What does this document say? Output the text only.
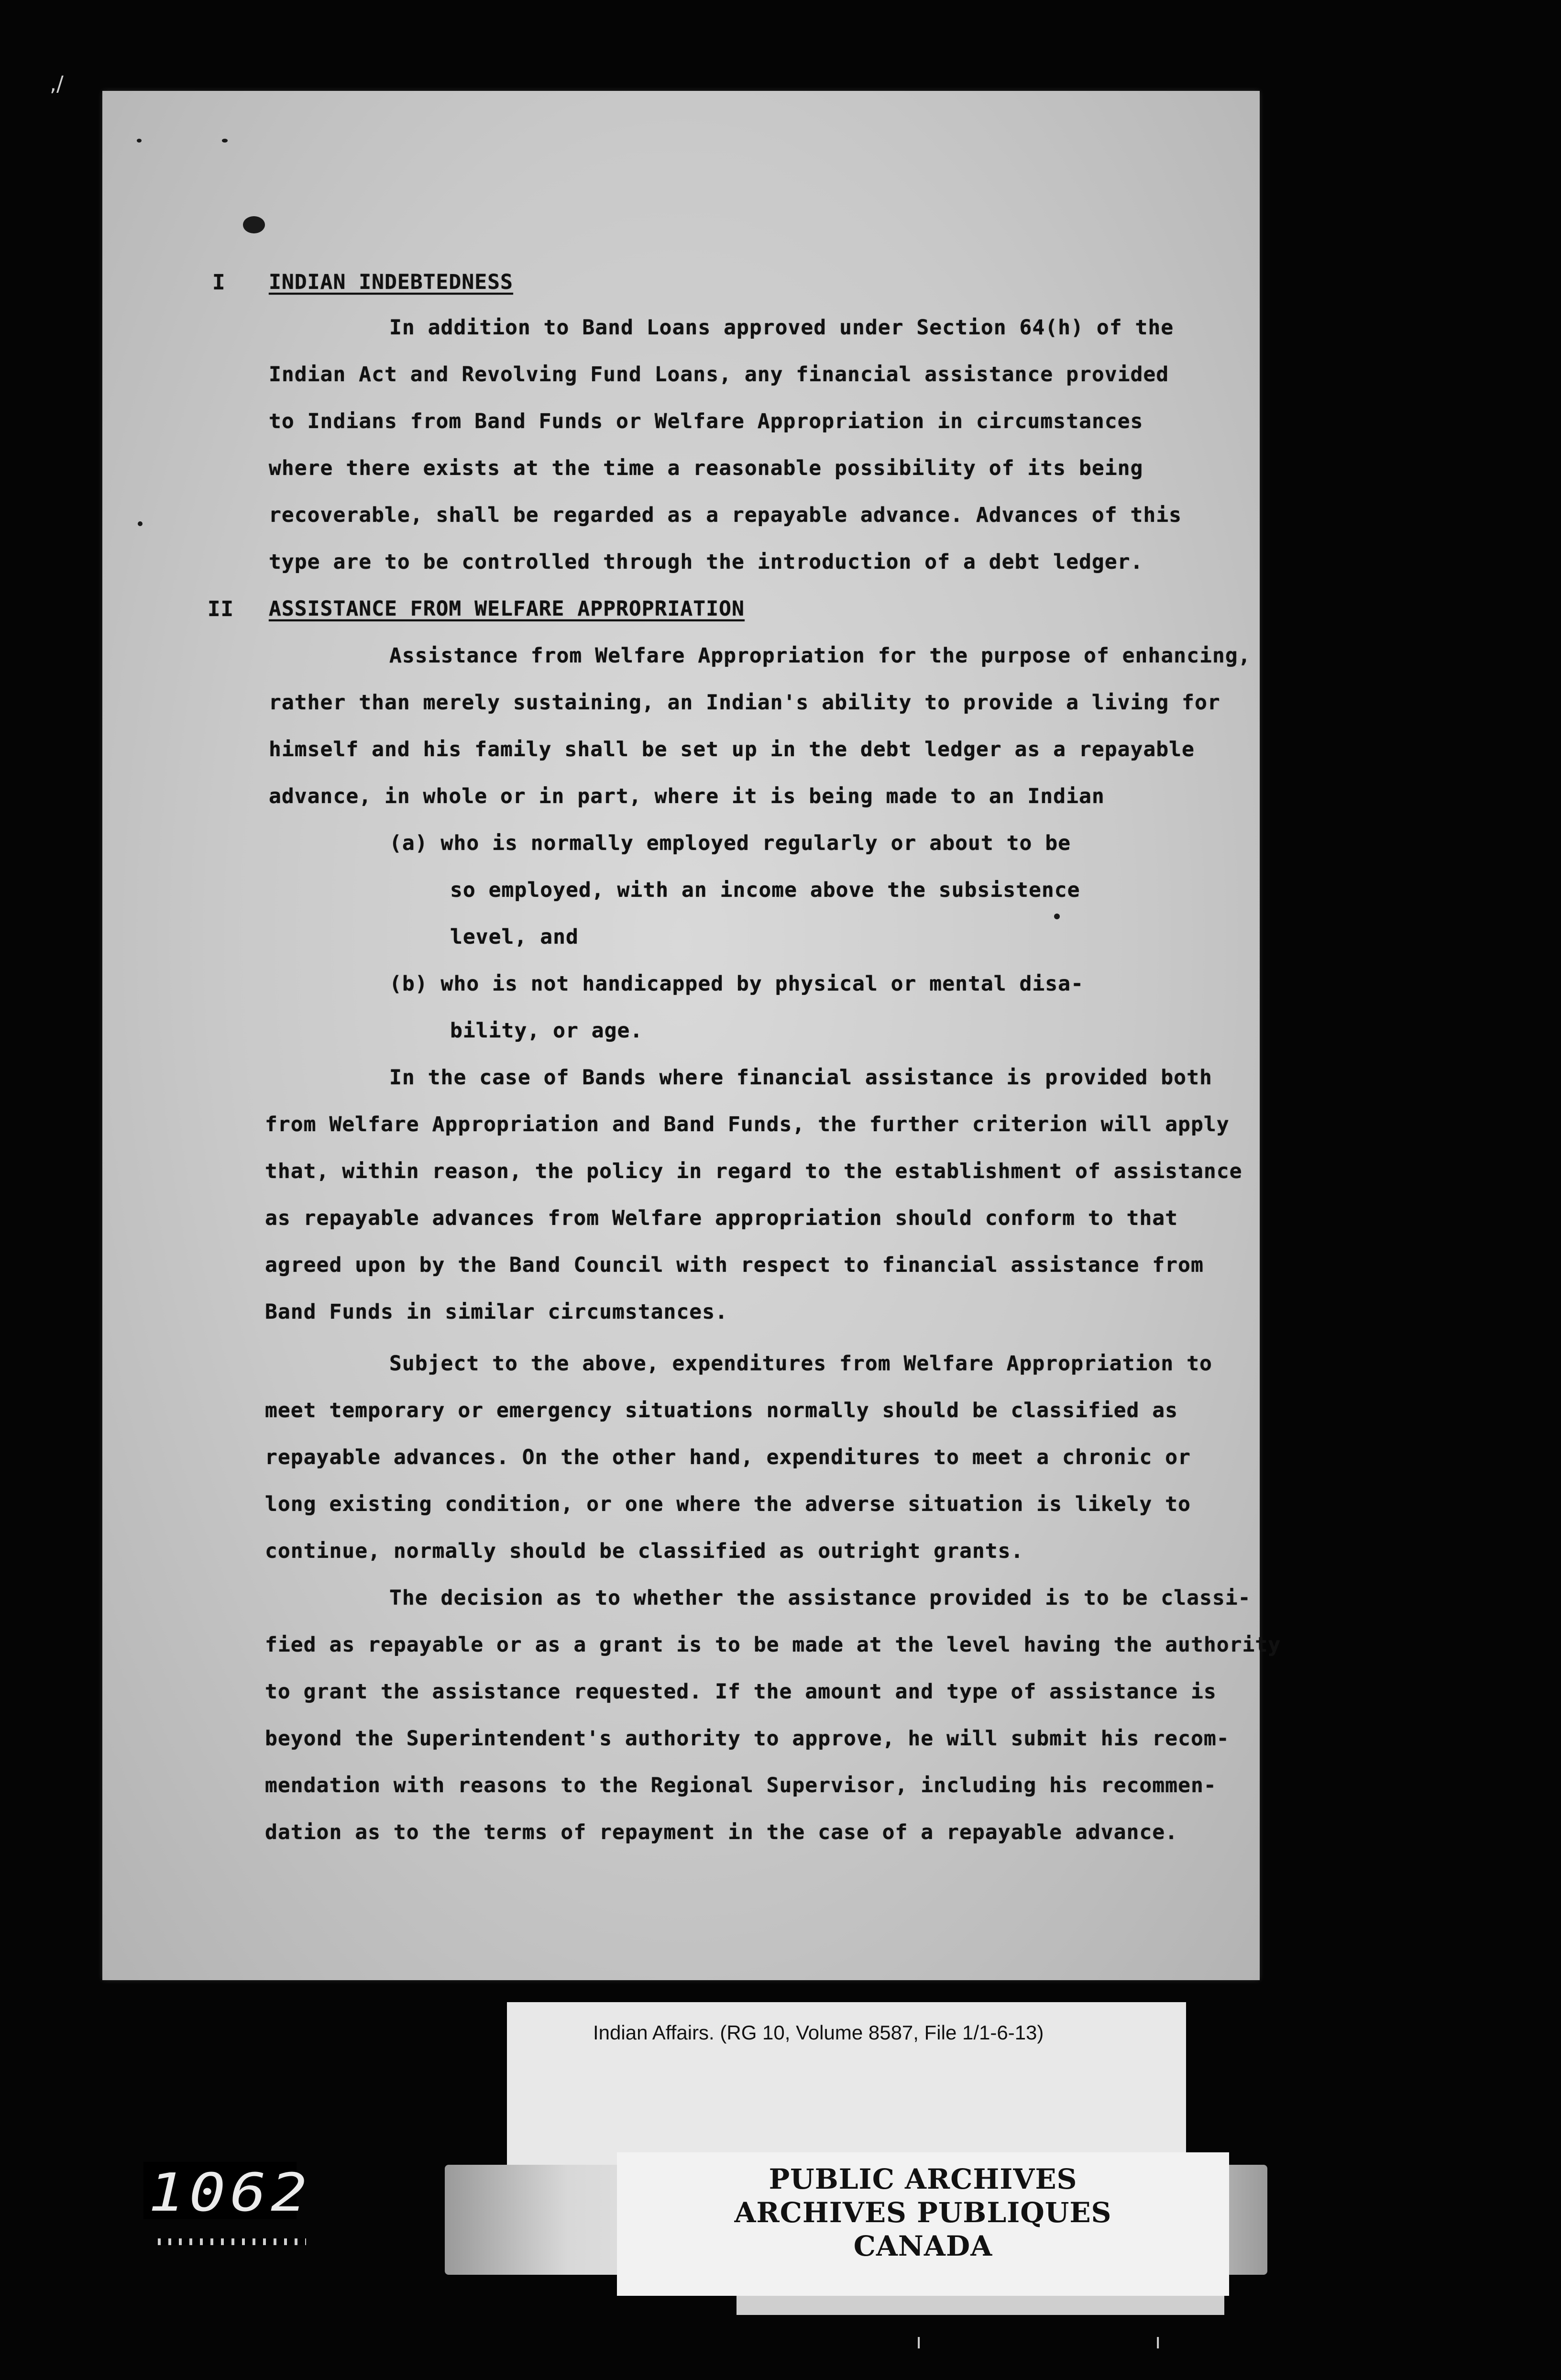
,/
I INDIAN INDEBTEDNESS
In addition to Band Loans approved under Section 64(h) of the
Indian Act and Revolving Fund Loans, any financial assistance provided
to Indians from Band Funds or Welfare Appropriation in circumstances
where there exists at the time a reasonable possibility of its being
recoverable, shall be regarded as a repayable advance. Advances of this
type are to be controlled through the introduction of a debt ledger.
II ASSISTANCE FROM WELFARE APPROPRIATION
Assistance from Welfare Appropriation for the purpose of enhancing,
rather than merely sustaining, an Indian's ability to provide a living for
himself and his family shall be set up in the debt ledger as a repayable
advance, in whole or in part, where it is being made to an Indian
(a) who is normally employed regularly or about to be
so employed, with an income above the subsistence
level, and
(b) who is not handicapped by physical or mental disa-
bility, or age.
In the case of Bands where financial assistance is provided both
from Welfare Appropriation and Band Funds, the further criterion will apply
that, within reason, the policy in regard to the establishment of assistance
as repayable advances from Welfare appropriation should conform to that
agreed upon by the Band Council with respect to financial assistance from
Band Funds in similar circumstances.
Subject to the above, expenditures from Welfare Appropriation to
meet temporary or emergency situations normally should be classified as
repayable advances. On the other hand, expenditures to meet a chronic or
long existing condition, or one where the adverse situation is likely to
continue, normally should be classified as outright grants.
The decision as to whether the assistance provided is to be classi-
fied as repayable or as a grant is to be made at the level having the authority
to grant the assistance requested. If the amount and type of assistance is
beyond the Superintendent's authority to approve, he will submit his recom-
mendation with reasons to the Regional Supervisor, including his recommen-
dation as to the terms of repayment in the case of a repayable advance.
Indian Affairs. (RG 10, Volume 8587, File 1/1-6-13)
1062	PUBLIC ARCHIVES
ARCHIVES PUBLIQUES
CANADA
ı	ı
